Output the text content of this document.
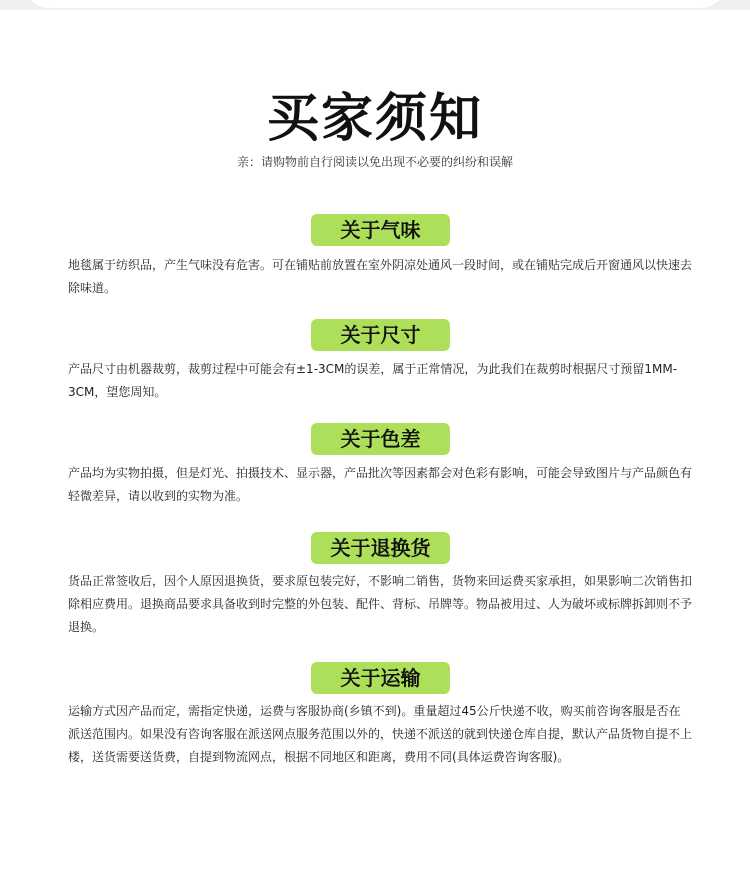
买家须知
亲：请购物前自行阅读以免出现不必要的纠纷和误解
关于气味
地毯属于纺织品，产生气味没有危害。可在铺贴前放置在室外阴凉处通风一段时间，或在铺贴完成后开窗通风以快速去除味道。
关于尺寸
产品尺寸由机器裁剪，裁剪过程中可能会有±1-3CM的误差，属于正常情况，为此我们在裁剪时根据尺寸预留1MM-3CM，望您周知。
关于色差
产品均为实物拍摄，但是灯光、拍摄技术、显示器，产品批次等因素都会对色彩有影响，可能会导致图片与产品颜色有轻微差异，请以收到的实物为准。
关于退换货
货品正常签收后，因个人原因退换货，要求原包装完好，不影响二销售，货物来回运费买家承担，如果影响二次销售扣除相应费用。退换商品要求具备收到时完整的外包装、配件、背标、吊牌等。物品被用过、人为破坏或标牌拆卸则不予退换。
关于运输
运输方式因产品而定，需指定快递，运费与客服协商(乡镇不到)。重量超过45公斤快递不收，购买前咨询客服是否在派送范围内。如果没有咨询客服在派送网点服务范围以外的，快递不派送的就到快递仓库自提，默认产品货物自提不上楼，送货需要送货费，自提到物流网点，根据不同地区和距离，费用不同(具体运费咨询客服)。
